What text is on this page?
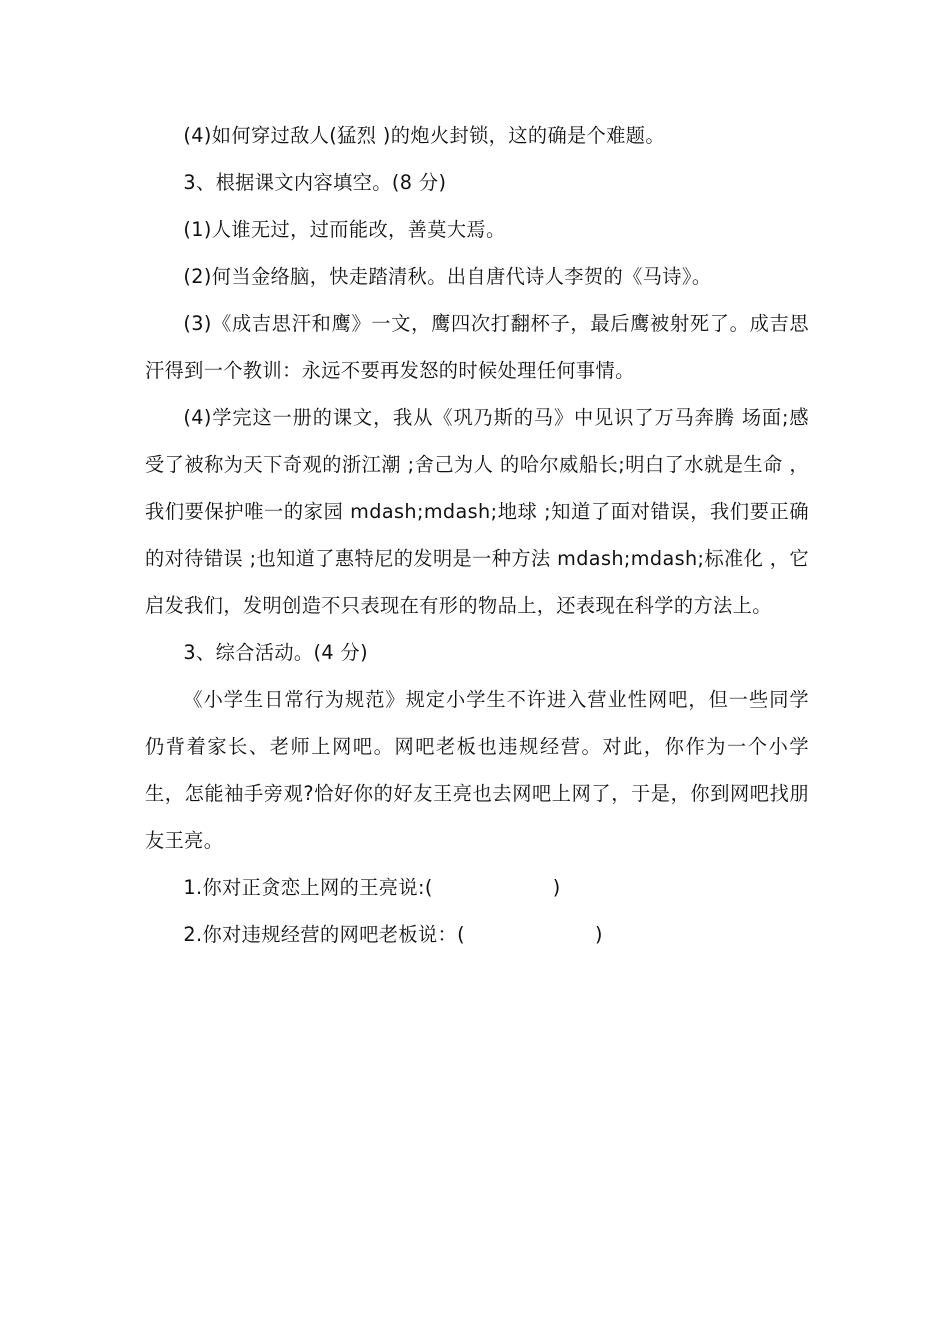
(4)如何穿过敌人(猛烈 )的炮火封锁，这的确是个难题。

3、根据课文内容填空。(8 分)

(1)人谁无过，过而能改，善莫大焉。

(2)何当金络脑，快走踏清秋。出自唐代诗人李贺的《马诗》。

(3)《成吉思汗和鹰》一文，鹰四次打翻杯子，最后鹰被射死了。成吉思汗得到一个教训：永远不要再发怒的时候处理任何事情。

(4)学完这一册的课文，我从《巩乃斯的马》中见识了万马奔腾 场面;感受了被称为天下奇观的浙江潮 ;舍己为人 的哈尔威船长;明白了水就是生命 ，我们要保护唯一的家园 mdash;mdash;地球 ;知道了面对错误，我们要正确的对待错误 ;也知道了惠特尼的发明是一种方法 mdash;mdash;标准化 ，它启发我们，发明创造不只表现在有形的物品上，还表现在科学的方法上。

3、综合活动。(4 分)

《小学生日常行为规范》规定小学生不许进入营业性网吧，但一些同学仍背着家长、老师上网吧。网吧老板也违规经营。对此，你作为一个小学生，怎能袖手旁观?恰好你的好友王亮也去网吧上网了，于是，你到网吧找朋友王亮。

1.你对正贪恋上网的王亮说:(	)

2.你对违规经营的网吧老板说：(	)
